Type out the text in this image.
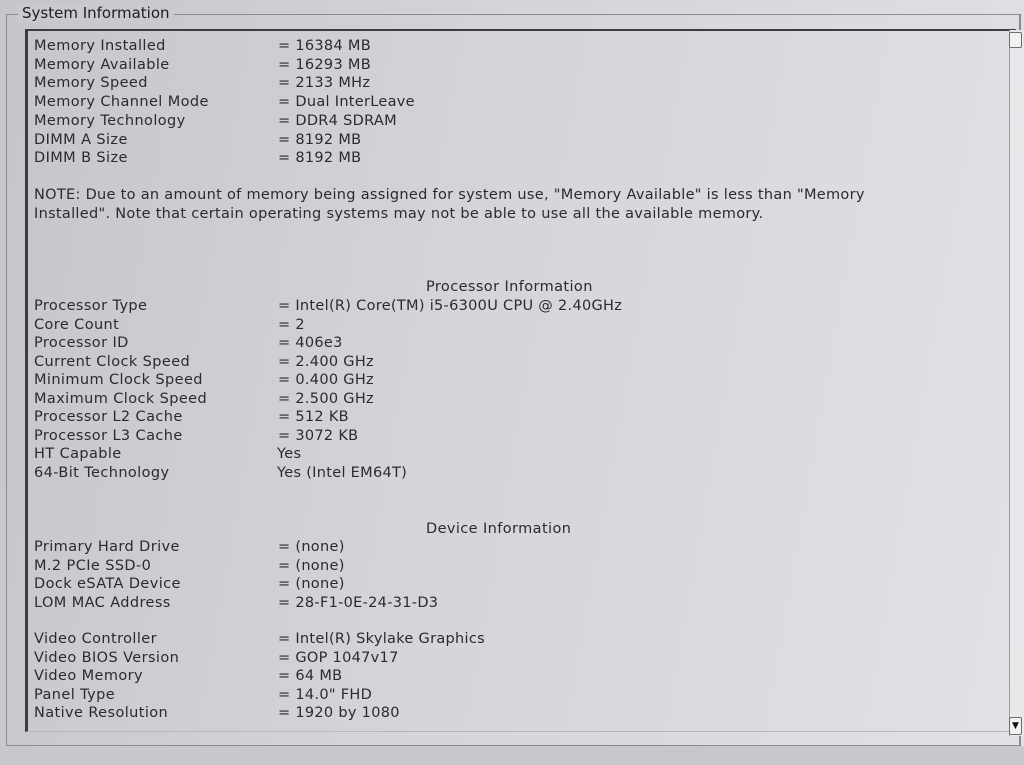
System Information
Memory Installed	= 16384 MB
Memory Available	= 16293 MB
Memory Speed	= 2133 MHz
Memory Channel Mode	= Dual InterLeave
Memory Technology	= DDR4 SDRAM
DIMM A Size	= 8192 MB
DIMM B Size	= 8192 MB
NOTE: Due to an amount of memory being assigned for system use, "Memory Available" is less than "Memory Installed". Note that certain operating systems may not be able to use all the available memory.
Processor Information
Processor Type	= Intel(R) Core(TM) i5-6300U CPU @ 2.40GHz
Core Count	= 2
Processor ID	= 406e3
Current Clock Speed	= 2.400 GHz
Minimum Clock Speed	= 0.400 GHz
Maximum Clock Speed	= 2.500 GHz
Processor L2 Cache	= 512 KB
Processor L3 Cache	= 3072 KB
HT Capable	Yes
64-Bit Technology	Yes (Intel EM64T)
Device Information
Primary Hard Drive	= (none)
M.2 PCIe SSD-0	= (none)
Dock eSATA Device	= (none)
LOM MAC Address	= 28-F1-0E-24-31-D3
Video Controller	= Intel(R) Skylake Graphics
Video BIOS Version	= GOP 1047v17
Video Memory	= 64 MB
Panel Type	= 14.0" FHD
Native Resolution	= 1920 by 1080
▼
